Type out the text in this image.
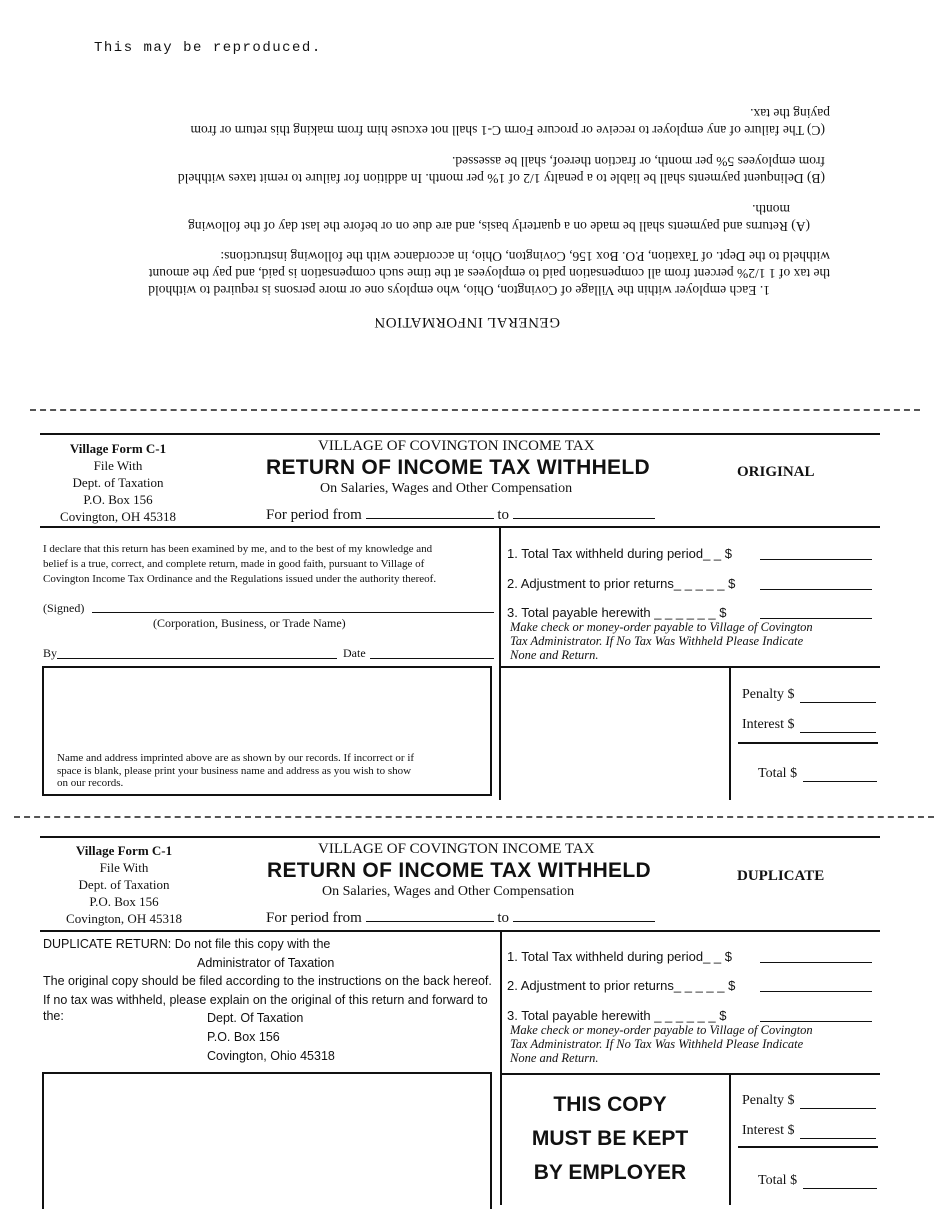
This may be reproduced.

GENERAL INFORMATION

1. Each employer within the Village of Covington, Ohio, who employs one or more persons is required to withhold

the tax of 1 1/2% percent from all compensation paid to employees at the time such compensation is paid, and pay the amount

withheld to the Dept. of Taxation, P.O. Box 156, Covington, Ohio, in accordance with the following instructions:

(A) Returns and payments shall be made on a quarterly basis, and are due on or before the last day of the following

month.

(B) Delinquent payments shall be liable to a penalty 1/2 of 1% per month. In addition for failure to remit taxes withheld

from employees 5% per month, or fraction thereof, shall be assessed.

(C) The failure of any employer to receive or procure Form C-1 shall not excuse him from making this return or from

paying the tax.

Village Form C-1
File With
Dept. of Taxation
P.O. Box 156
Covington, OH 45318
VILLAGE OF COVINGTON INCOME TAX
RETURN OF INCOME TAX WITHHELD
On Salaries, Wages and Other Compensation
ORIGINAL
For period from	to
I declare that this return has been examined by me, and to the best of my knowledge and
belief is a true, correct, and complete return, made in good faith, pursuant to Village of
Covington Income Tax Ordinance and the Regulations issued under the authority thereof.
(Signed)
(Corporation, Business, or Trade Name)
By	Date
Name and address imprinted above are as shown by our records. If incorrect or if
space is blank, please print your business name and address as you wish to show
on our records.
1. Total Tax withheld during period_ _ $
2. Adjustment to prior returns_ _ _ _ _ $
3. Total payable herewith _ _ _ _ _ _ $
Make check or money-order payable to Village of Covington
Tax Administrator. If No Tax Was Withheld Please Indicate
None and Return.
Penalty $
Interest $
Total $
Village Form C-1
File With
Dept. of Taxation
P.O. Box 156
Covington, OH 45318
VILLAGE OF COVINGTON INCOME TAX
RETURN OF INCOME TAX WITHHELD
On Salaries, Wages and Other Compensation
DUPLICATE
For period from	to
DUPLICATE RETURN: Do not file this copy with the
Administrator of Taxation
The original copy should be filed according to the instructions on the back hereof.
If no tax was withheld, please explain on the original of this return and forward to
the:	Dept. Of Taxation
P.O. Box 156
Covington, Ohio 45318
1. Total Tax withheld during period_ _ $
2. Adjustment to prior returns_ _ _ _ _ $
3. Total payable herewith _ _ _ _ _ _ $
Make check or money-order payable to Village of Covington
Tax Administrator. If No Tax Was Withheld Please Indicate
None and Return.
THIS COPY
MUST BE KEPT
BY EMPLOYER
Penalty $
Interest $
Total $
